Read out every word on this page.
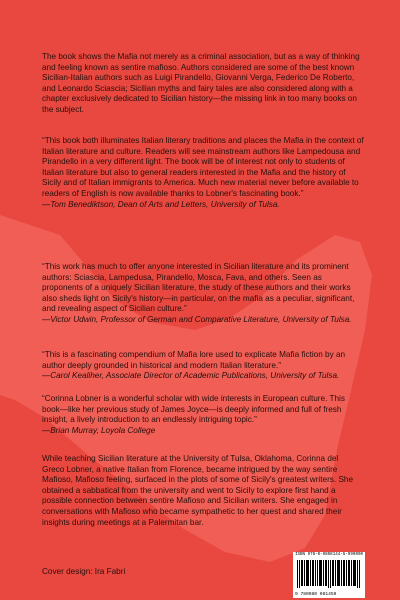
The book shows the Mafia not merely as a criminal association, but as a way of thinking and feeling known as sentire mafioso. Authors considered are some of the best known Sicilian-Italian authors such as Luigi Pirandello, Giovanni Verga, Federico De Roberto, and Leonardo Sciascia; Sicilian myths and fairy tales are also considered along with a chapter exclusively dedicated to Sicilian history—the missing link in too many books on the subject.

“This book both illuminates Italian literary traditions and places the Mafia in the context of Italian literature and culture. Readers will see mainstream authors like Lampedousa and Pirandello in a very different light. The book will be of interest not only to students of Italian literature but also to general readers interested in the Mafia and the history of Sicily and of Italian immigrants to America. Much new material never before available to readers of English is now available thanks to Lobner's fascinating book.”

—Tom Benediktson, Dean of Arts and Letters, University of Tulsa.

“This work has much to offer anyone interested in Sicilian literature and its prominent authors: Sciascia, Lampedusa, Pirandello, Mosca, Fava, and others. Seen as proponents of a uniquely Sicilian literature, the study of these authors and their works also sheds light on Sicily's history—in particular, on the mafia as a peculiar, significant, and revealing aspect of Sicilian culture.”

—Victor Udwin, Professor of German and Comparative Literature, University of Tulsa.

“This is a fascinating compendium of Mafia lore used to explicate Mafia fiction by an author deeply grounded in historical and modern Italian literature.”

—Carol Kealiher, Associate Director of Academic Publications, University of Tulsa.

“Corinna Lobner is a wonderful scholar with wide interests in European culture. This book—like her previous study of James Joyce—is deeply informed and full of fresh insight, a lively introduction to an endlessly intriguing topic.”

—Brian Murray, Loyola College

While teaching Sicilian literature at the University of Tulsa, Oklahoma, Corinna del Greco Lobner, a native Italian from Florence, became intrigued by the way sentire Mafioso, Mafioso feeling, surfaced in the plots of some of Sicily's greatest writers. She obtained a sabbatical from the university and went to Sicily to explore first hand a possible connection between sentire Mafioso and Sicilian writers. She engaged in conversations with Mafioso who became sympathetic to her quest and shared their insights during meetings at a Palermitan bar.

Cover design: Ira Fabri
ISBN 978-0-9808144-5-9 90000
9 780980 081459
